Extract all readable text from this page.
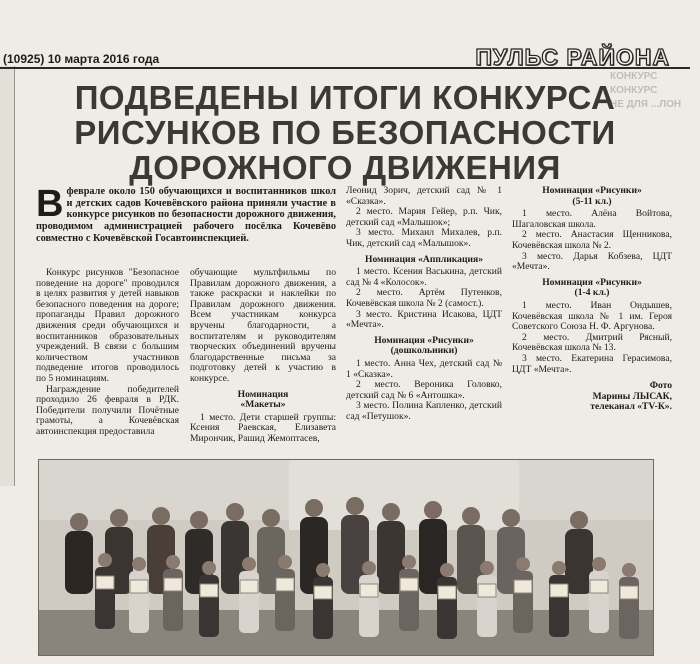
КОНКУРС
КОНКУРС
НЕ ДЛЯ ...ЛОН
(10925) 10 марта 2016 года	ПУЛЬС РАЙОНА
ПОДВЕДЕНЫ ИТОГИ КОНКУРСА
РИСУНКОВ ПО БЕЗОПАСНОСТИ
ДОРОЖНОГО ДВИЖЕНИЯ
В феврале около 150 обучающихся и воспитанников школ и детских садов Кочевёвского района приняли участие в конкурсе рисунков по безопасности дорожного движения, проводимом администрацией рабочего посёлка Кочевёво совместно с Кочевёвской Госавтоинспекцией.

Конкурс рисунков "Безопасное поведение на дороге" проводился в целях развития у детей навыков безопасного поведения на дороге; пропаганды Правил дорожного движения среди обучающихся и воспитанников образовательных учреждений. В связи с большим количеством участников подведение итогов проводилось по 5 номинациям.

Награждение победителей проходило 26 февраля в РДК. Победители получили Почётные грамоты, а Кочевёвская автоинспекция предоставила

обучающие мультфильмы по Правилам дорожного движения, а также раскраски и наклейки по Правилам дорожного движения. Всем участникам конкурса вручены благодарности, а воспитателям и руководителям творческих объединений вручены благодарственные письма за подготовку детей к участию в конкурсе.

Номинация
«Макеты»

1 место. Дети старшей группы: Ксения Раевская, Елизавета Мирончик, Рашид Жемоптасев,

Леонид Зорич, детский сад № 1 «Сказка».

2 место. Мария Гейер, р.п. Чик, детский сад «Малышок»;

3 место. Михаил Михалев, р.п. Чик, детский сад «Малышок».

Номинация «Аппликация»

1 место. Ксения Васькина, детский сад № 4 «Колосок».

2 место. Артём Путенков, Кочевёвская школа № 2 (самост.).

3 место. Кристина Исакова, ЦДТ «Мечта».

Номинация «Рисунки»
(дошкольники)

1 место. Анна Чех, детский сад № 1 «Сказка».

2 место. Вероника Головко, детский сад № 6 «Антошка».

3 место. Полина Капленко, детский сад «Петушок».

Номинация «Рисунки»
(5-11 кл.)

1 место. Алёна Войтова, Шагаловская школа.

2 место. Анастасия Щенникова, Кочевёвская школа № 2.

3 место. Дарья Кобзева, ЦДТ «Мечта».

Номинация «Рисунки»
(1-4 кл.)

1 место. Иван Ондышев, Кочевёвская школа № 1 им. Героя Советского Союза Н. Ф. Аргунова.

2 место. Дмитрий Рясный, Кочевёвская школа № 13.

3 место. Екатерина Герасимова, ЦДТ «Мечта».

Фото
Марины ЛЫСАК,
телеканал «TV-К».
